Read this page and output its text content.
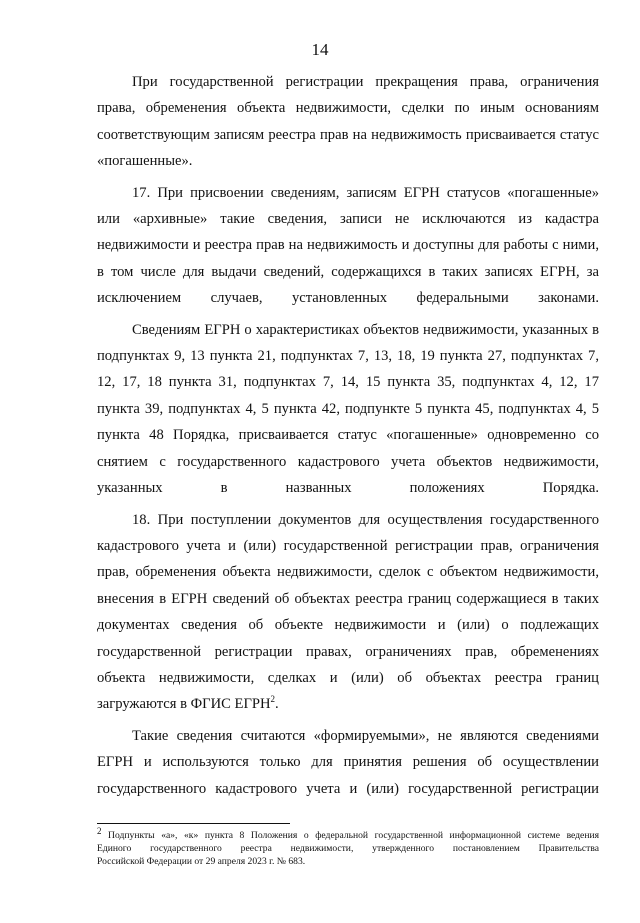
14

При государственной регистрации прекращения права, ограничения права, обременения объекта недвижимости, сделки по иным основаниям соответствующим записям реестра прав на недвижимость присваивается статус «погашенные».

17. При присвоении сведениям, записям ЕГРН статусов «погашенные» или «архивные» такие сведения, записи не исключаются из кадастра недвижимости и реестра прав на недвижимость и доступны для работы с ними, в том числе для выдачи сведений, содержащихся в таких записях ЕГРН, за исключением случаев, установленных федеральными законами.

Сведениям ЕГРН о характеристиках объектов недвижимости, указанных в подпунктах 9, 13 пункта 21, подпунктах 7, 13, 18, 19 пункта 27, подпунктах 7, 12, 17, 18 пункта 31, подпунктах 7, 14, 15 пункта 35, подпунктах 4, 12, 17 пункта 39, подпунктах 4, 5 пункта 42, подпункте 5 пункта 45, подпунктах 4, 5 пункта 48 Порядка, присваивается статус «погашенные» одновременно со снятием с государственного кадастрового учета объектов недвижимости, указанных в названных положениях Порядка.

18. При поступлении документов для осуществления государственного кадастрового учета и (или) государственной регистрации прав, ограничения прав, обременения объекта недвижимости, сделок с объектом недвижимости, внесения в ЕГРН сведений об объектах реестра границ содержащиеся в таких документах сведения об объекте недвижимости и (или) о подлежащих государственной регистрации правах, ограничениях прав, обременениях объекта недвижимости, сделках и (или) об объектах реестра границ загружаются в ФГИС ЕГРН$^2$.

Такие сведения считаются «формируемыми», не являются сведениями ЕГРН и используются только для принятия решения об осуществлении государственного кадастрового учета и (или) государственной регистрации

$^2$ Подпункты «а», «к» пункта 8 Положения о федеральной государственной информационной системе ведения
Единого государственного реестра недвижимости, утвержденного постановлением Правительства
Российской Федерации от 29 апреля 2023 г. № 683.
